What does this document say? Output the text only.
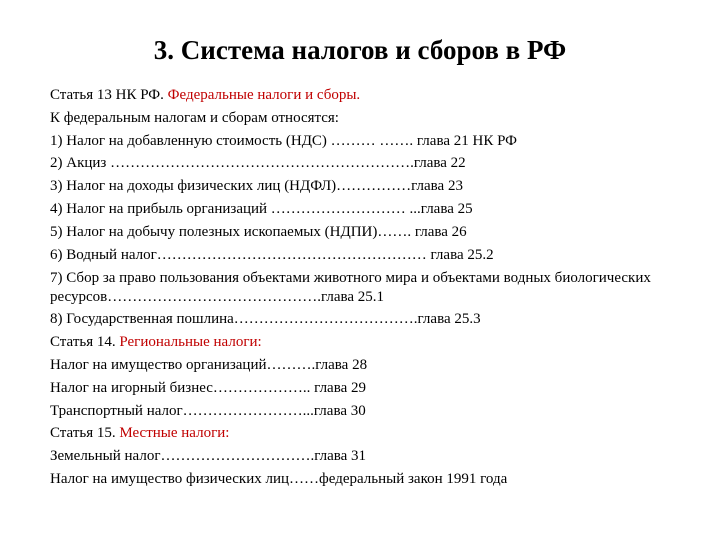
3. Система налогов и сборов в РФ
Статья 13 НК РФ. Федеральные налоги и сборы.
К федеральным налогам и сборам относятся:
1) Налог на добавленную стоимость (НДС) ……… ……. глава 21 НК РФ
2) Акциз …………………………………………………….глава 22
3) Налог на доходы физических лиц (НДФЛ)……………глава 23
4) Налог на прибыль организаций ……………………… ...глава 25
5) Налог на добычу полезных ископаемых (НДПИ)……. глава 26
6) Водный налог……………………………………………… глава 25.2
7) Сбор за право пользования объектами животного мира и объектами водных биологических ресурсов…………………………………….глава 25.1
8) Государственная пошлина……………………………….глава 25.3
Статья 14. Региональные налоги:
Налог на имущество организаций……….глава 28
Налог на игорный бизнес……………….. глава 29
Транспортный налог……………………...глава 30
Статья 15. Местные налоги:
Земельный налог………………………….глава 31
Налог на имущество физических лиц……федеральный закон 1991 года
